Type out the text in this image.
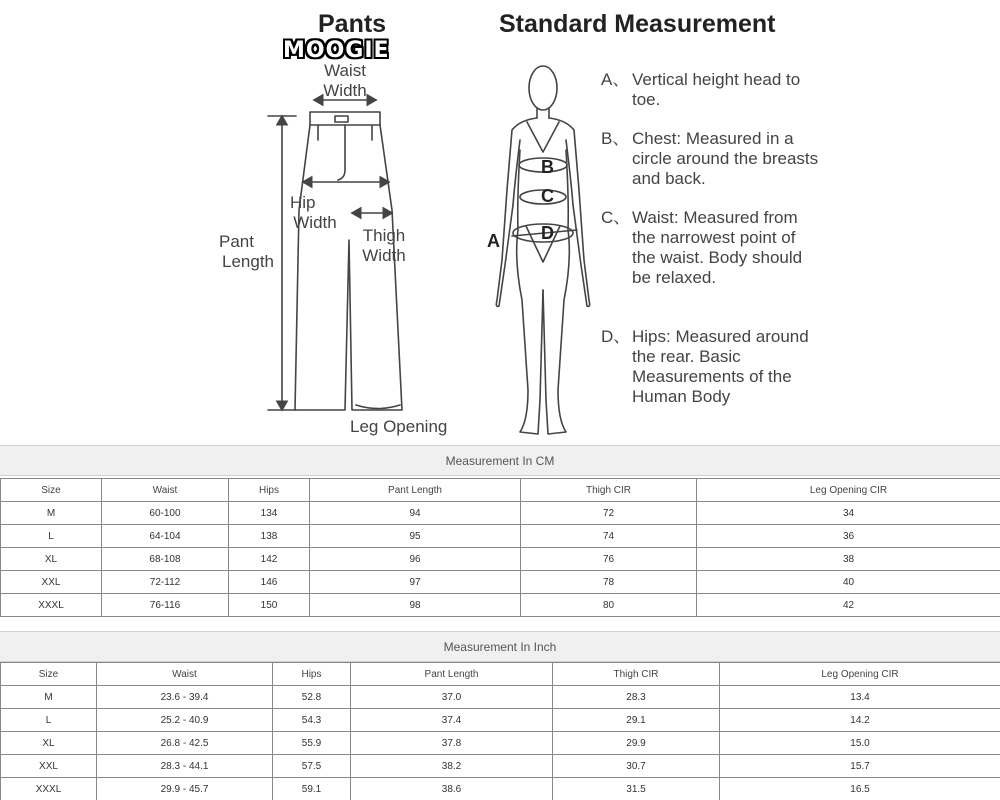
Pants	Standard Measurement
MOOGIE
Waist
Width
Hip
Width
Thigh
Width
Pant
Length
Leg Opening
A
B
C
D
A、 Vertical height head to toe.
B、 Chest: Measured in a circle around the breasts and back.
C、 Waist: Measured from the narrowest point of the waist. Body should be relaxed.
D、 Hips: Measured around the rear. Basic Measurements of the Human Body
Measurement In CM
Size	Waist	Hips	Pant Length	Thigh CIR	Leg Opening CIR
M	60-100	134	94	72	34
L	64-104	138	95	74	36
XL	68-108	142	96	76	38
XXL	72-112	146	97	78	40
XXXL	76-116	150	98	80	42
Measurement In Inch
Size	Waist	Hips	Pant Length	Thigh CIR	Leg Opening CIR
M	23.6 - 39.4	52.8	37.0	28.3	13.4
L	25.2 - 40.9	54.3	37.4	29.1	14.2
XL	26.8 - 42.5	55.9	37.8	29.9	15.0
XXL	28.3 - 44.1	57.5	38.2	30.7	15.7
XXXL	29.9 - 45.7	59.1	38.6	31.5	16.5
